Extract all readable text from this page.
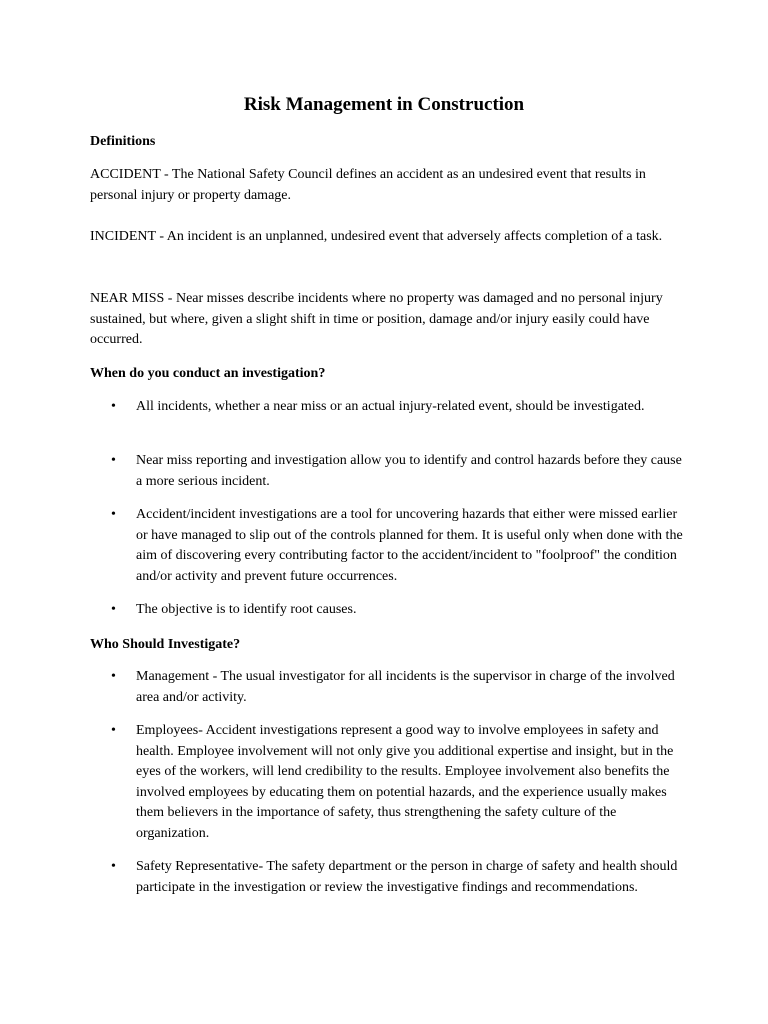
Risk Management in Construction
Definitions

ACCIDENT - The National Safety Council defines an accident as an undesired event that results in personal injury or property damage.

INCIDENT - An incident is an unplanned, undesired event that adversely affects completion of a task.

NEAR MISS - Near misses describe incidents where no property was damaged and no personal injury sustained, but where, given a slight shift in time or position, damage and/or injury easily could have occurred.

When do you conduct an investigation?
• All incidents, whether a near miss or an actual injury-related event, should be investigated.

• Near miss reporting and investigation allow you to identify and control hazards before they cause a more serious incident.

• Accident/incident investigations are a tool for uncovering hazards that either were missed earlier or have managed to slip out of the controls planned for them. It is useful only when done with the aim of discovering every contributing factor to the accident/incident to "foolproof" the condition and/or activity and prevent future occurrences.

• The objective is to identify root causes.

Who Should Investigate?
• Management - The usual investigator for all incidents is the supervisor in charge of the involved area and/or activity.

• Employees- Accident investigations represent a good way to involve employees in safety and health. Employee involvement will not only give you additional expertise and insight, but in the eyes of the workers, will lend credibility to the results. Employee involvement also benefits the involved employees by educating them on potential hazards, and the experience usually makes them believers in the importance of safety, thus strengthening the safety culture of the organization.

• Safety Representative- The safety department or the person in charge of safety and health should participate in the investigation or review the investigative findings and recommendations.
